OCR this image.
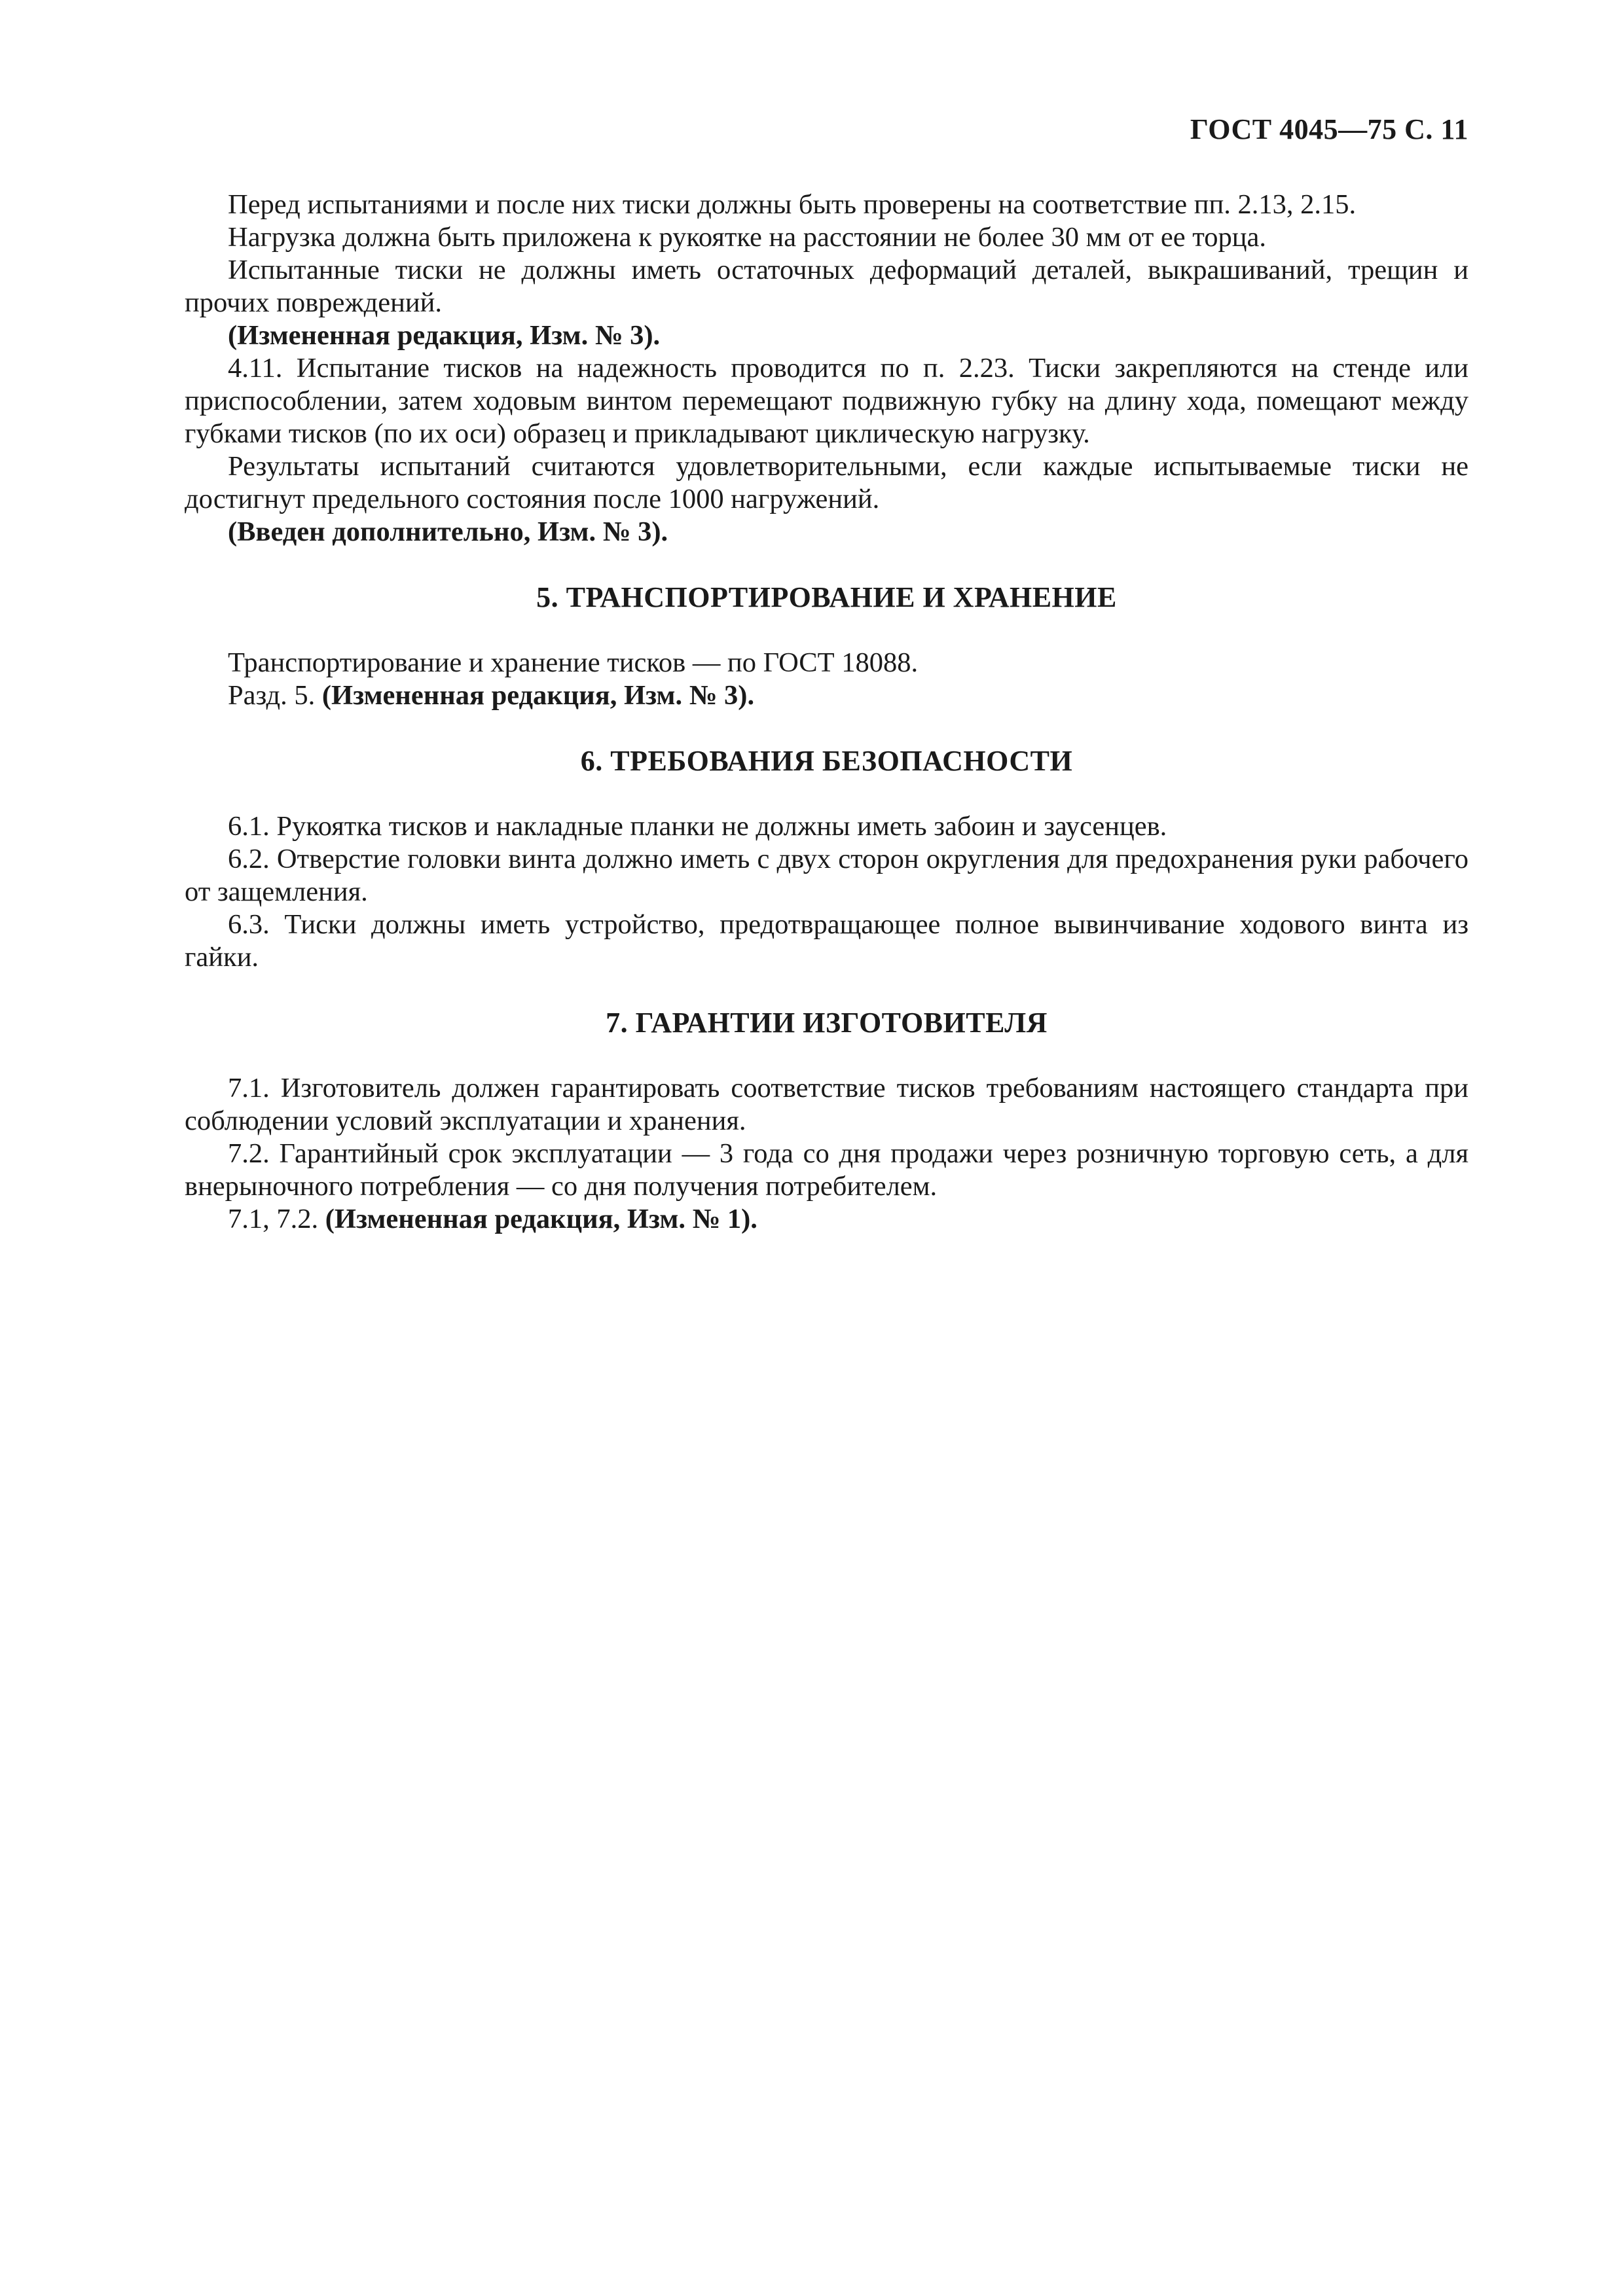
ГОСТ 4045—75 С. 11

Перед испытаниями и после них тиски должны быть проверены на соответствие пп. 2.13, 2.15.

Нагрузка должна быть приложена к рукоятке на расстоянии не более 30 мм от ее торца.

Испытанные тиски не должны иметь остаточных деформаций деталей, выкрашиваний, трещин и прочих повреждений.

(Измененная редакция, Изм. № 3).

4.11. Испытание тисков на надежность проводится по п. 2.23. Тиски закрепляются на стенде или приспособлении, затем ходовым винтом перемещают подвижную губку на длину хода, помещают между губками тисков (по их оси) образец и прикладывают циклическую нагрузку.

Результаты испытаний считаются удовлетворительными, если каждые испытываемые тиски не достигнут предельного состояния после 1000 нагружений.

(Введен дополнительно, Изм. № 3).

5. ТРАНСПОРТИРОВАНИЕ И ХРАНЕНИЕ

Транспортирование и хранение тисков — по ГОСТ 18088.

Разд. 5. (Измененная редакция, Изм. № 3).

6. ТРЕБОВАНИЯ БЕЗОПАСНОСТИ

6.1. Рукоятка тисков и накладные планки не должны иметь забоин и заусенцев.

6.2. Отверстие головки винта должно иметь с двух сторон округления для предохранения руки рабочего от защемления.

6.3. Тиски должны иметь устройство, предотвращающее полное вывинчивание ходового винта из гайки.

7. ГАРАНТИИ ИЗГОТОВИТЕЛЯ

7.1. Изготовитель должен гарантировать соответствие тисков требованиям настоящего стандарта при соблюдении условий эксплуатации и хранения.

7.2. Гарантийный срок эксплуатации — 3 года со дня продажи через розничную торговую сеть, а для внерыночного потребления — со дня получения потребителем.

7.1, 7.2. (Измененная редакция, Изм. № 1).
